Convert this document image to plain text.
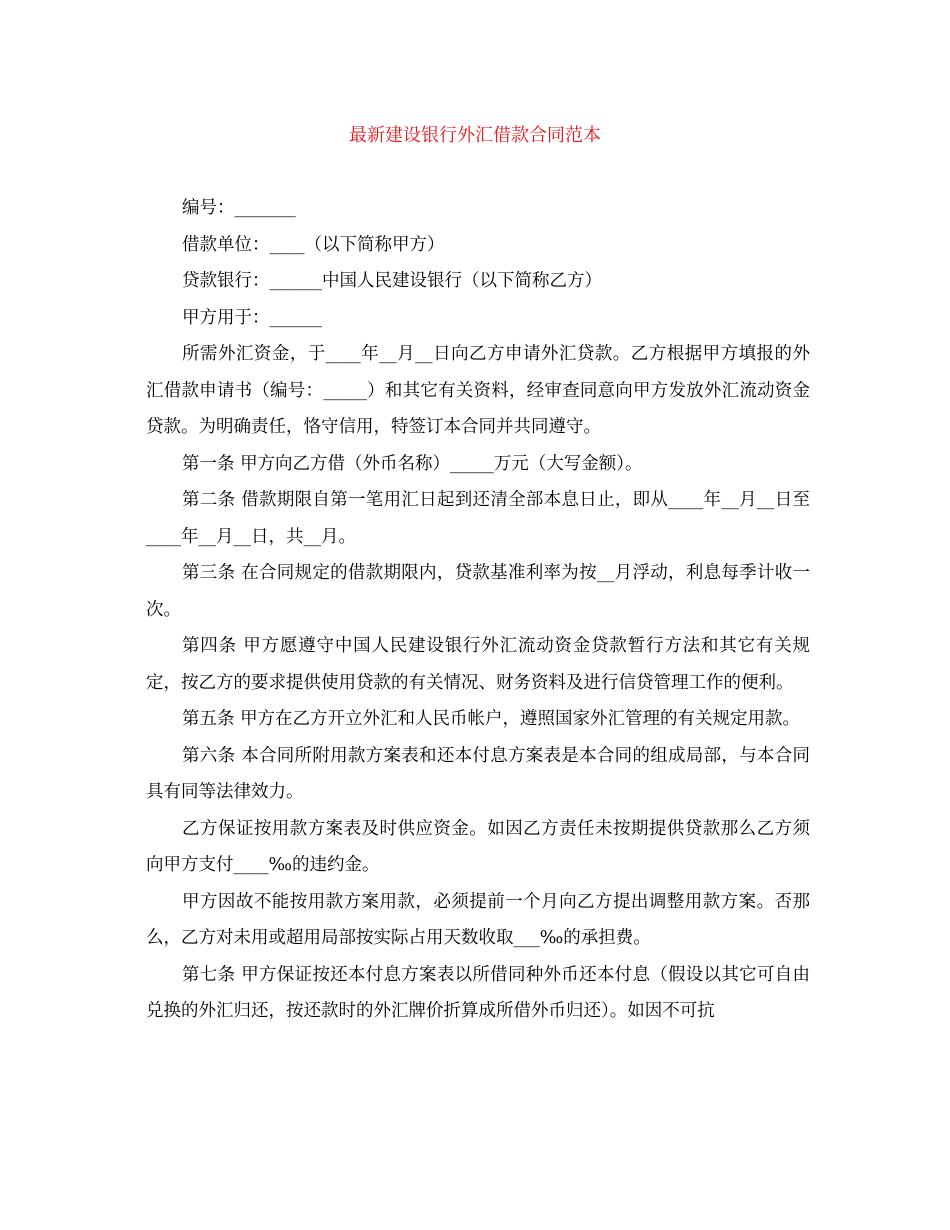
最新建设银行外汇借款合同范本

编号：_______

借款单位：____（以下简称甲方）

贷款银行：______中国人民建设银行（以下简称乙方）

甲方用于：______

所需外汇资金，于____年__月__日向乙方申请外汇贷款。乙方根据甲方填报的外汇借款申请书（编号：_____）和其它有关资料，经审查同意向甲方发放外汇流动资金贷款。为明确责任，恪守信用，特签订本合同并共同遵守。

第一条 甲方向乙方借（外币名称）_____万元（大写金额）。

第二条 借款期限自第一笔用汇日起到还清全部本息日止，即从____年__月__日至____年__月__日，共__月。

第三条 在合同规定的借款期限内，贷款基准利率为按__月浮动，利息每季计收一次。

第四条 甲方愿遵守中国人民建设银行外汇流动资金贷款暂行方法和其它有关规定，按乙方的要求提供使用贷款的有关情况、财务资料及进行信贷管理工作的便利。

第五条 甲方在乙方开立外汇和人民币帐户，遵照国家外汇管理的有关规定用款。

第六条 本合同所附用款方案表和还本付息方案表是本合同的组成局部，与本合同具有同等法律效力。

乙方保证按用款方案表及时供应资金。如因乙方责任未按期提供贷款那么乙方须向甲方支付____‰的违约金。

甲方因故不能按用款方案用款，必须提前一个月向乙方提出调整用款方案。否那么，乙方对未用或超用局部按实际占用天数收取___‰的承担费。

第七条 甲方保证按还本付息方案表以所借同种外币还本付息（假设以其它可自由兑换的外汇归还，按还款时的外汇牌价折算成所借外币归还）。如因不可抗
